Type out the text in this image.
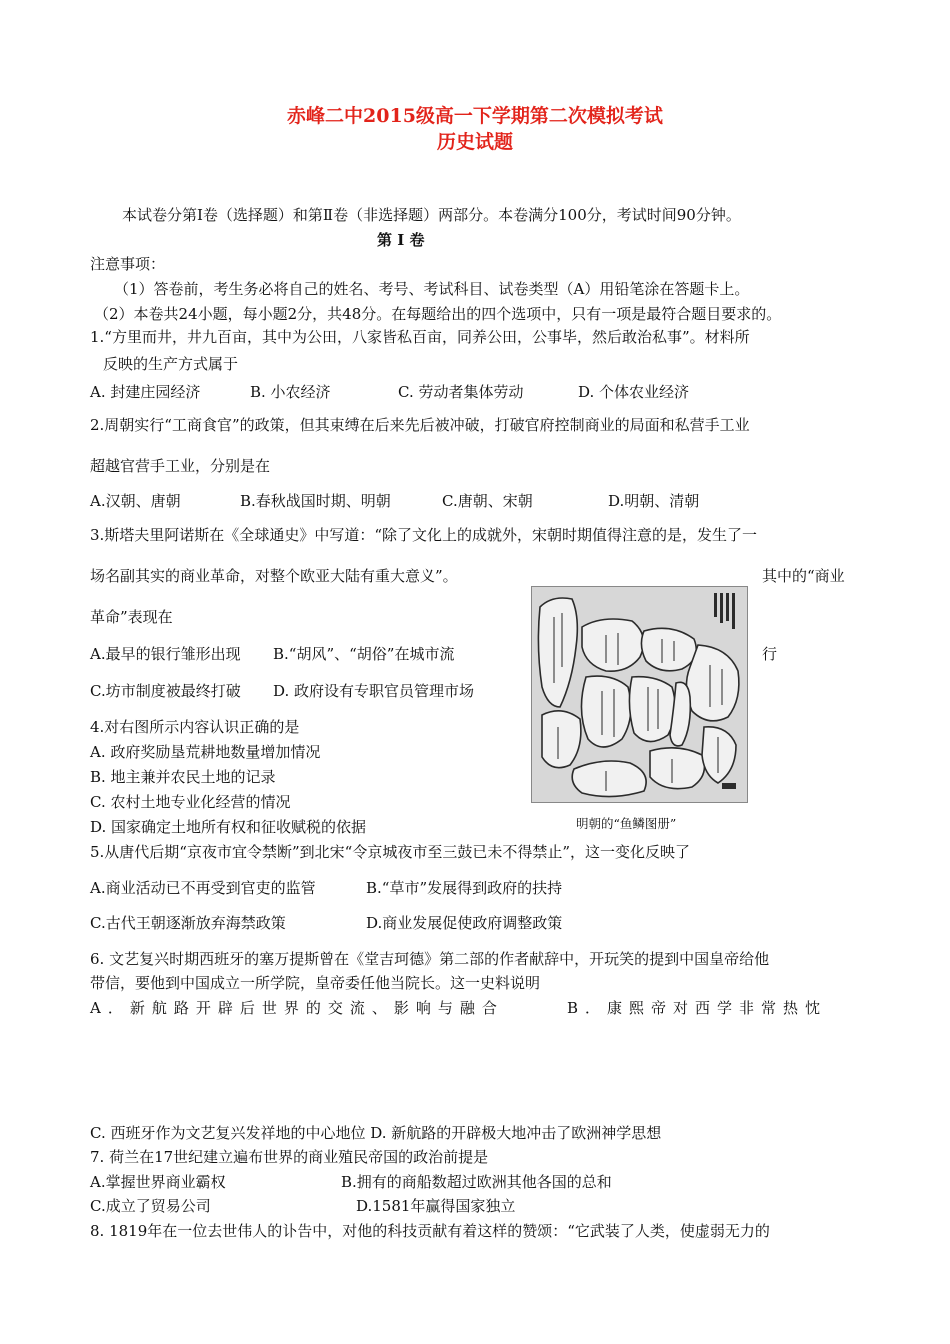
赤峰二中2015级高一下学期第二次模拟考试
历史试题
本试卷分第Ⅰ卷（选择题）和第Ⅱ卷（非选择题）两部分。本卷满分100分，考试时间90分钟。
第 Ⅰ 卷
注意事项：
（1）答卷前，考生务必将自己的姓名、考号、考试科目、试卷类型（A）用铅笔涂在答题卡上。
（2）本卷共24小题，每小题2分，共48分。在每题给出的四个选项中，只有一项是最符合题目要求的。
1.“方里而井，井九百亩，其中为公田，八家皆私百亩，同养公田，公事毕，然后敢治私事”。材料所
反映的生产方式属于
A. 封建庄园经济	B. 小农经济	C. 劳动者集体劳动	D. 个体农业经济
2.周朝实行“工商食官”的政策，但其束缚在后来先后被冲破，打破官府控制商业的局面和私营手工业
超越官营手工业，分别是在
A.汉朝、唐朝	B.春秋战国时期、明朝	C.唐朝、宋朝	D.明朝、清朝
3.斯塔夫里阿诺斯在《全球通史》中写道：“除了文化上的成就外，宋朝时期值得注意的是，发生了一
场名副其实的商业革命，对整个欧亚大陆有重大意义”。	其中的“商业
革命”表现在
A.最早的银行雏形出现 B.“胡风”、“胡俗”在城市流	行
C.坊市制度被最终打破 D. 政府设有专职官员管理市场
明朝的“鱼鳞图册”
4.对右图所示内容认识正确的是
A. 政府奖励垦荒耕地数量增加情况
B. 地主兼并农民土地的记录
C. 农村土地专业化经营的情况
D. 国家确定土地所有权和征收赋税的依据
5.从唐代后期“京夜市宜令禁断”到北宋“令京城夜市至三鼓已未不得禁止”，这一变化反映了
A.商业活动已不再受到官吏的监管	B.“草市”发展得到政府的扶持
C.古代王朝逐渐放弃海禁政策	D.商业发展促使政府调整政策
6. 文艺复兴时期西班牙的塞万提斯曾在《堂吉珂德》第二部的作者献辞中，开玩笑的提到中国皇帝给他
带信，要他到中国成立一所学院，皇帝委任他当院长。这一史料说明
A．新航路开辟后世界的交流、影响与融合	B．康熙帝对西学非常热忱
C. 西班牙作为文艺复兴发祥地的中心地位 D. 新航路的开辟极大地冲击了欧洲神学思想
7. 荷兰在17世纪建立遍布世界的商业殖民帝国的政治前提是
A.掌握世界商业霸权	B.拥有的商船数超过欧洲其他各国的总和
C.成立了贸易公司	D.1581年赢得国家独立
8. 1819年在一位去世伟人的讣告中，对他的科技贡献有着这样的赞颂：“它武装了人类，使虚弱无力的
